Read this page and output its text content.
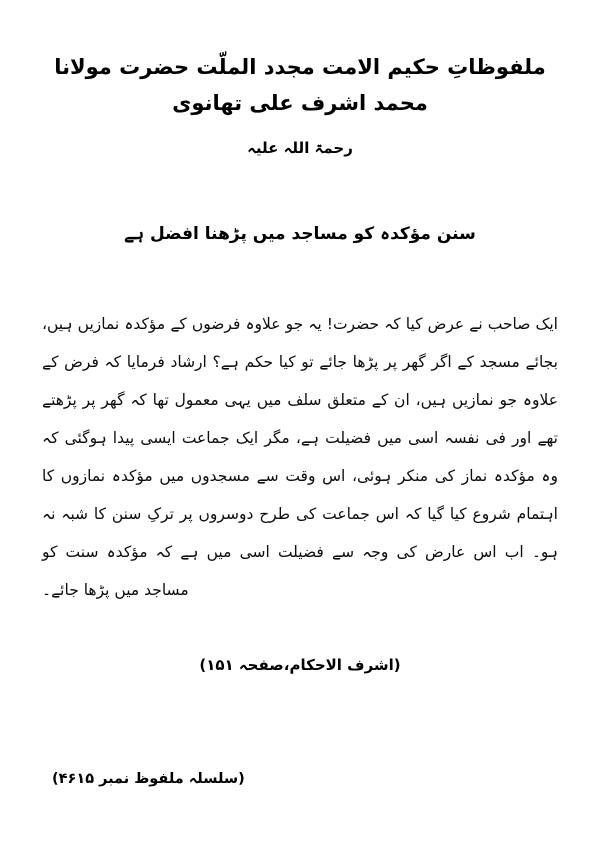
ملفوظاتِ حکیم الامت مجدد الملّت حضرت مولانا محمد اشرف علی تھانوی
رحمۃ اللہ علیہ
سنن مؤکدہ کو مساجد میں پڑھنا افضل ہے

ایک صاحب نے عرض کیا کہ حضرت! یہ جو علاوہ فرضوں کے مؤکدہ نمازیں ہیں، بجائے مسجد کے اگر گھر پر پڑھا جائے تو کیا حکم ہے؟ ارشاد فرمایا کہ فرض کے علاوہ جو نمازیں ہیں، ان کے متعلق سلف میں یہی معمول تھا کہ گھر پر پڑھتے تھے اور فی نفسہ اسی میں فضیلت ہے، مگر ایک جماعت ایسی پیدا ہوگئی کہ وہ مؤکدہ نماز کی منکر ہوئی، اس وقت سے مسجدوں میں مؤکدہ نمازوں کا اہتمام شروع کیا گیا کہ اس جماعت کی طرح دوسروں پر ترکِ سنن کا شبہ نہ ہو۔ اب اس عارض کی وجہ سے فضیلت اسی میں ہے کہ مؤکدہ سنت کو مساجد میں پڑھا جائے۔

(اشرف الاحکام،صفحہ ۱۵۱)
(سلسلہ ملفوظ نمبر ۴۶۱۵)
